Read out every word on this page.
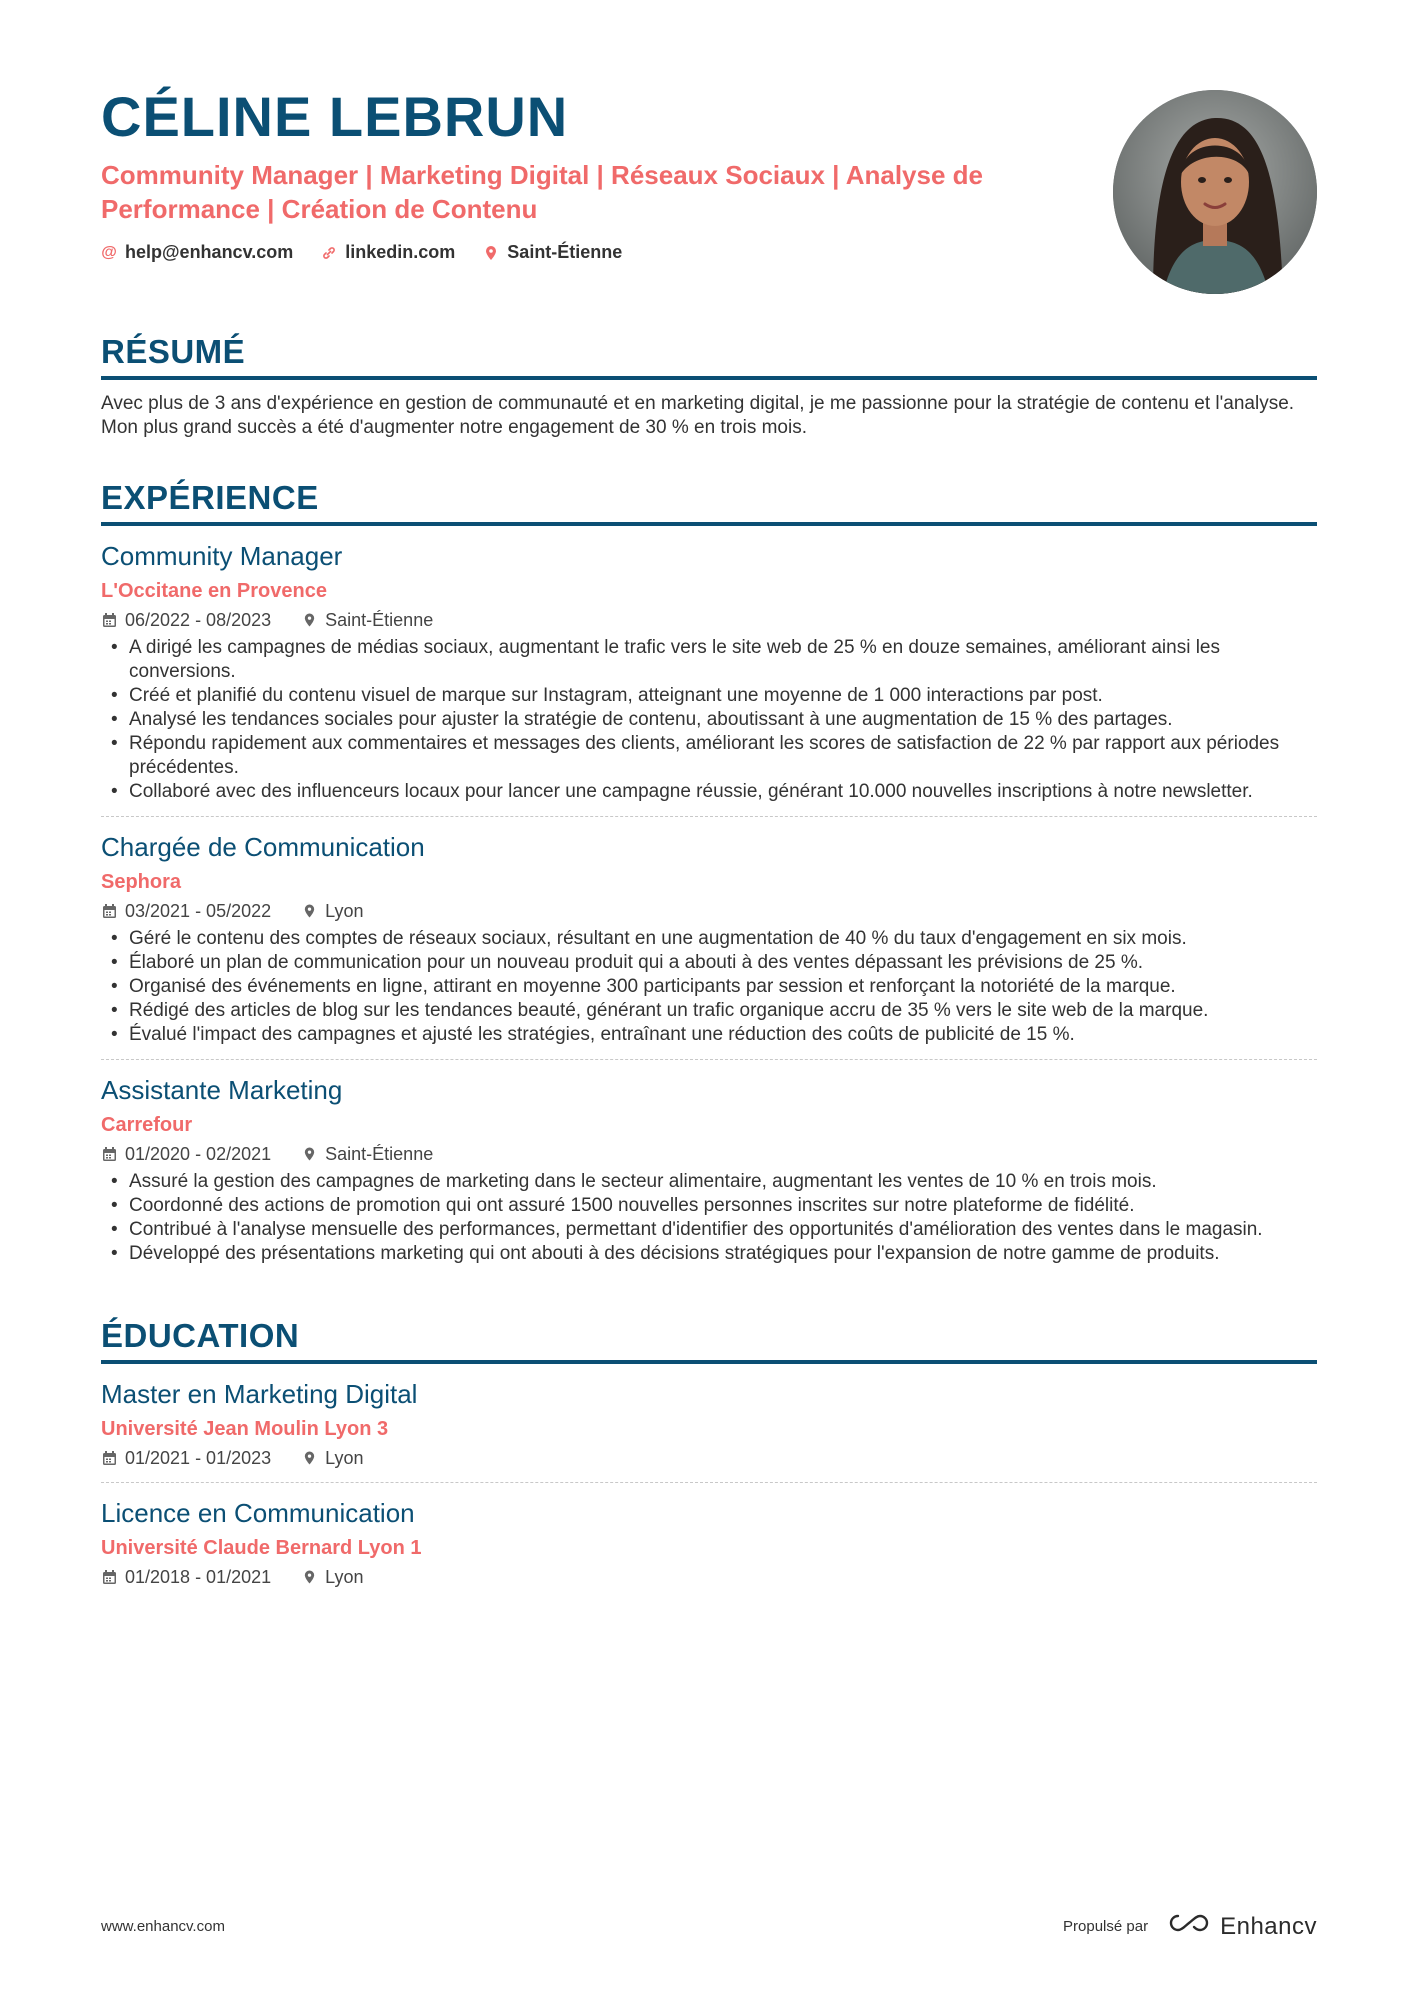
CÉLINE LEBRUN
Community Manager | Marketing Digital | Réseaux Sociaux | Analyse de Performance | Création de Contenu
@ help@enhancv.com	linkedin.com	Saint-Étienne
RÉSUMÉ

Avec plus de 3 ans d'expérience en gestion de communauté et en marketing digital, je me passionne pour la stratégie de contenu et l'analyse. Mon plus grand succès a été d'augmenter notre engagement de 30 % en trois mois.

EXPÉRIENCE
Community Manager
L'Occitane en Provence
06/2022 - 08/2023	Saint-Étienne
• A dirigé les campagnes de médias sociaux, augmentant le trafic vers le site web de 25 % en douze semaines, améliorant ainsi les conversions.
• Créé et planifié du contenu visuel de marque sur Instagram, atteignant une moyenne de 1 000 interactions par post.
• Analysé les tendances sociales pour ajuster la stratégie de contenu, aboutissant à une augmentation de 15 % des partages.
• Répondu rapidement aux commentaires et messages des clients, améliorant les scores de satisfaction de 22 % par rapport aux périodes précédentes.
• Collaboré avec des influenceurs locaux pour lancer une campagne réussie, générant 10.000 nouvelles inscriptions à notre newsletter.
Chargée de Communication
Sephora
03/2021 - 05/2022	Lyon
• Géré le contenu des comptes de réseaux sociaux, résultant en une augmentation de 40 % du taux d'engagement en six mois.
• Élaboré un plan de communication pour un nouveau produit qui a abouti à des ventes dépassant les prévisions de 25 %.
• Organisé des événements en ligne, attirant en moyenne 300 participants par session et renforçant la notoriété de la marque.
• Rédigé des articles de blog sur les tendances beauté, générant un trafic organique accru de 35 % vers le site web de la marque.
• Évalué l'impact des campagnes et ajusté les stratégies, entraînant une réduction des coûts de publicité de 15 %.
Assistante Marketing
Carrefour
01/2020 - 02/2021	Saint-Étienne
• Assuré la gestion des campagnes de marketing dans le secteur alimentaire, augmentant les ventes de 10 % en trois mois.
• Coordonné des actions de promotion qui ont assuré 1500 nouvelles personnes inscrites sur notre plateforme de fidélité.
• Contribué à l'analyse mensuelle des performances, permettant d'identifier des opportunités d'amélioration des ventes dans le magasin.
• Développé des présentations marketing qui ont abouti à des décisions stratégiques pour l'expansion de notre gamme de produits.
ÉDUCATION
Master en Marketing Digital
Université Jean Moulin Lyon 3
01/2021 - 01/2023	Lyon
Licence en Communication
Université Claude Bernard Lyon 1
01/2018 - 01/2021	Lyon
www.enhancv.com	Propulsé par	Enhancv
